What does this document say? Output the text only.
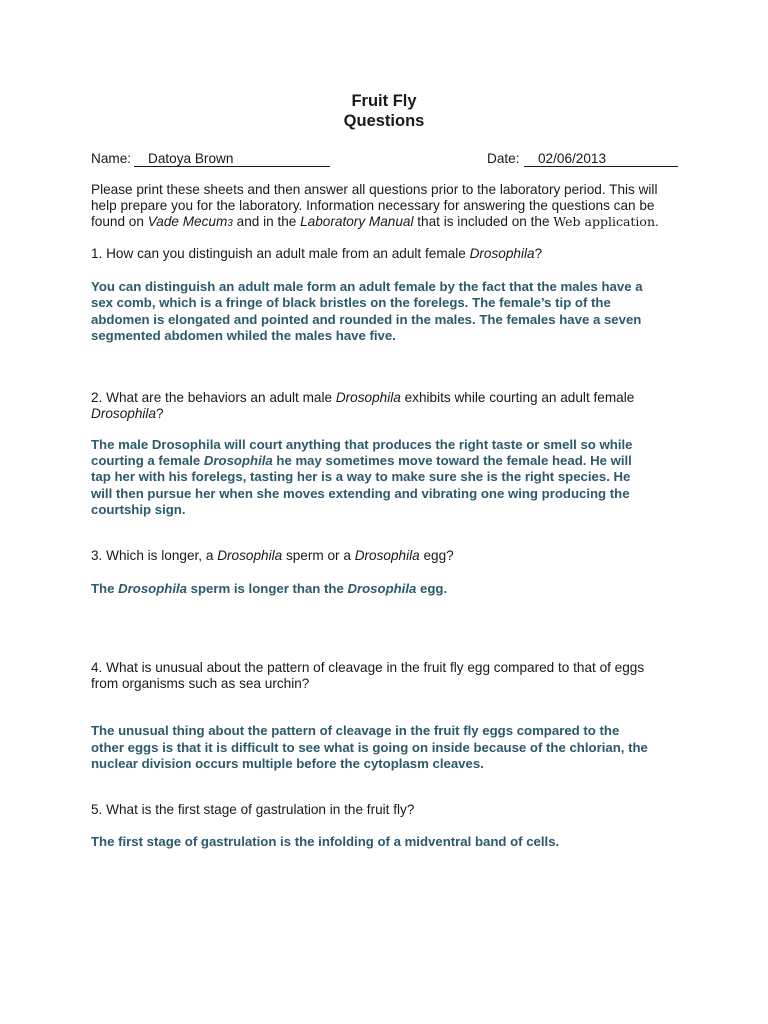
Fruit Fly
Questions
Name: Datoya Brown	Date: 02/06/2013
Please print these sheets and then answer all questions prior to the laboratory period. This will
help prepare you for the laboratory. Information necessary for answering the questions can be
found on Vade Mecum3 and in the Laboratory Manual that is included on the Web application.
1. How can you distinguish an adult male from an adult female Drosophila?
You can distinguish an adult male form an adult female by the fact that the males have a
sex comb, which is a fringe of black bristles on the forelegs. The female’s tip of the
abdomen is elongated and pointed and rounded in the males. The females have a seven
segmented abdomen whiled the males have five.
2. What are the behaviors an adult male Drosophila exhibits while courting an adult female
Drosophila?
The male Drosophila will court anything that produces the right taste or smell so while
courting a female Drosophila he may sometimes move toward the female head. He will
tap her with his forelegs, tasting her is a way to make sure she is the right species. He
will then pursue her when she moves extending and vibrating one wing producing the
courtship sign.
3. Which is longer, a Drosophila sperm or a Drosophila egg?
The Drosophila sperm is longer than the Drosophila egg.
4. What is unusual about the pattern of cleavage in the fruit fly egg compared to that of eggs
from organisms such as sea urchin?
The unusual thing about the pattern of cleavage in the fruit fly eggs compared to the
other eggs is that it is difficult to see what is going on inside because of the chlorian, the
nuclear division occurs multiple before the cytoplasm cleaves.
5. What is the first stage of gastrulation in the fruit fly?
The first stage of gastrulation is the infolding of a midventral band of cells.
